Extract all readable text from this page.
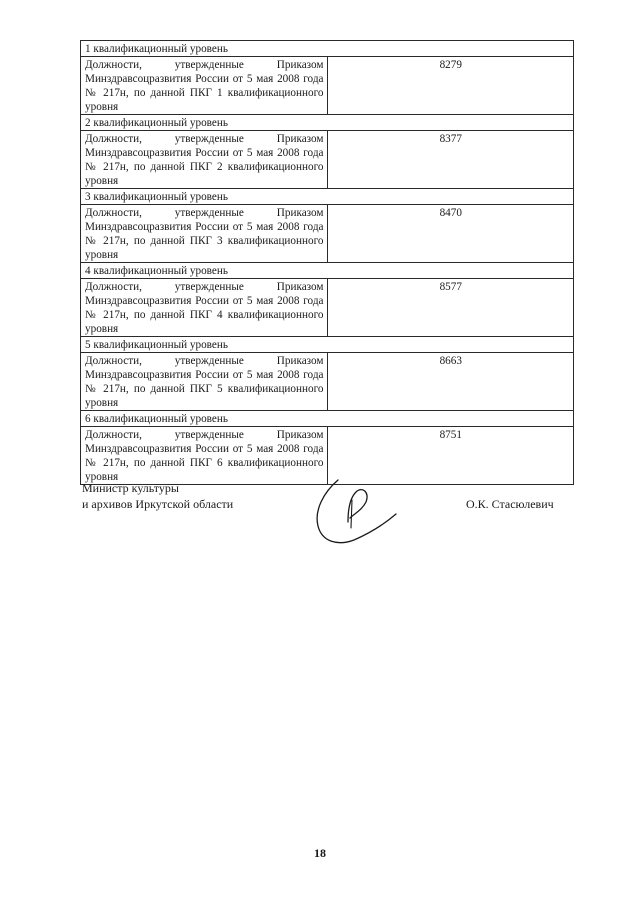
1 квалификационный уровень	
Должности, утвержденные Приказом Минздравсоцразвития России от 5 мая 2008 года № 217н, по данной ПКГ 1 квалификационного уровня	8279
2 квалификационный уровень	
Должности, утвержденные Приказом Минздравсоцразвития России от 5 мая 2008 года № 217н, по данной ПКГ 2 квалификационного уровня	8377
3 квалификационный уровень	
Должности, утвержденные Приказом Минздравсоцразвития России от 5 мая 2008 года № 217н, по данной ПКГ 3 квалификационного уровня	8470
4 квалификационный уровень	
Должности, утвержденные Приказом Минздравсоцразвития России от 5 мая 2008 года № 217н, по данной ПКГ 4 квалификационного уровня	8577
5 квалификационный уровень	
Должности, утвержденные Приказом Минздравсоцразвития России от 5 мая 2008 года № 217н, по данной ПКГ 5 квалификационного уровня	8663
6 квалификационный уровень	
Должности, утвержденные Приказом Минздравсоцразвития России от 5 мая 2008 года № 217н, по данной ПКГ 6 квалификационного уровня	8751

Министр культуры
и архивов Иркутской области	О.К. Стасюлевич
18
